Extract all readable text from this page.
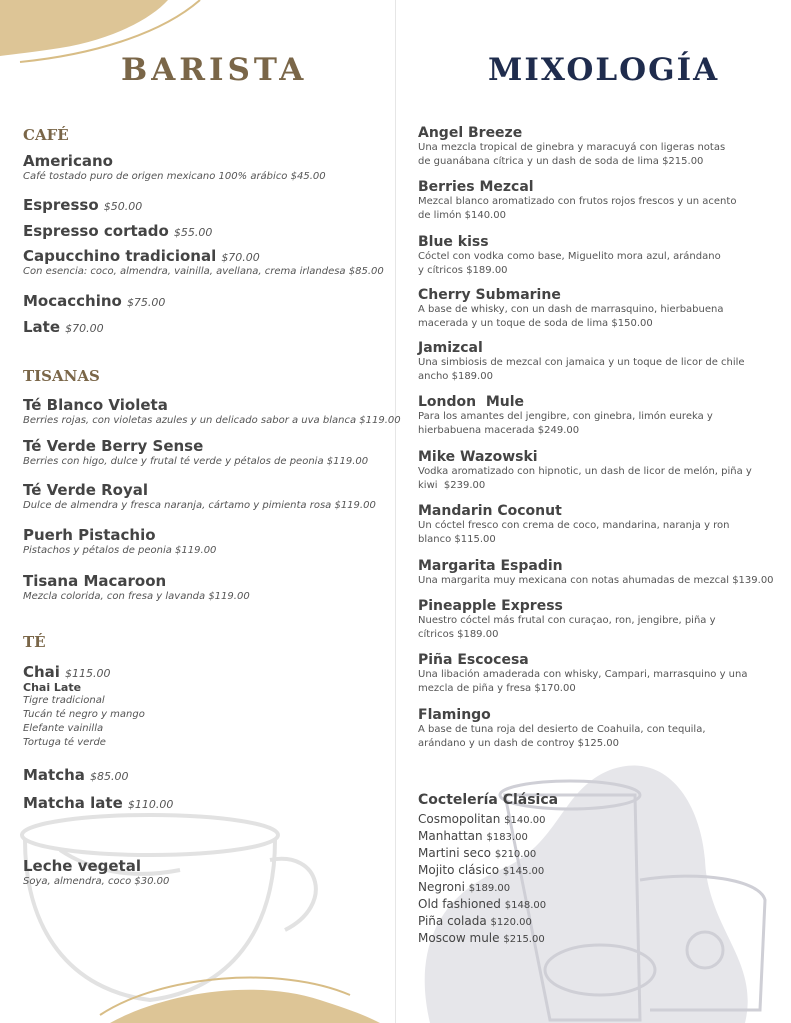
BARISTA	MIXOLOGÍA
CAFÉ
Americano
Café tostado puro de origen mexicano 100% arábico $45.00
Espresso $50.00
Espresso cortado $55.00
Capucchino tradicional $70.00
Con esencia: coco, almendra, vainilla, avellana, crema irlandesa $85.00
Mocacchino $75.00
Late $70.00
TISANAS
Té Blanco Violeta
Berries rojas, con violetas azules y un delicado sabor a uva blanca $119.00
Té Verde Berry Sense
Berries con higo, dulce y frutal té verde y pétalos de peonia $119.00
Té Verde Royal
Dulce de almendra y fresca naranja, cártamo y pimienta rosa $119.00
Puerh Pistachio
Pistachos y pétalos de peonia $119.00
Tisana Macaroon
Mezcla colorida, con fresa y lavanda $119.00
TÉ
Chai $115.00
Chai Late
Tigre tradicional
Tucán té negro y mango
Elefante vainilla
Tortuga té verde
Matcha $85.00
Matcha late $110.00
Leche vegetal
Soya, almendra, coco $30.00
Angel Breeze
Una mezcla tropical de ginebra y maracuyá con ligeras notas
de guanábana cítrica y un dash de soda de lima $215.00
Berries Mezcal
Mezcal blanco aromatizado con frutos rojos frescos y un acento
de limón $140.00
Blue kiss
Cóctel con vodka como base, Miguelito mora azul, arándano
y cítricos $189.00
Cherry Submarine
A base de whisky, con un dash de marrasquino, hierbabuena
macerada y un toque de soda de lima $150.00
Jamizcal
Una simbiosis de mezcal con jamaica y un toque de licor de chile
ancho $189.00
London  Mule
Para los amantes del jengibre, con ginebra, limón eureka y
hierbabuena macerada $249.00
Mike Wazowski
Vodka aromatizado con hipnotic, un dash de licor de melón, piña y
kiwi  $239.00
Mandarin Coconut
Un cóctel fresco con crema de coco, mandarina, naranja y ron
blanco $115.00
Margarita Espadin
Una margarita muy mexicana con notas ahumadas de mezcal $139.00
Pineapple Express
Nuestro cóctel más frutal con curaçao, ron, jengibre, piña y
cítricos $189.00
Piña Escocesa
Una libación amaderada con whisky, Campari, marrasquino y una
mezcla de piña y fresa $170.00
Flamingo
A base de tuna roja del desierto de Coahuila, con tequila,
arándano y un dash de controy $125.00
Coctelería Clásica
Cosmopolitan $140.00
Manhattan $183.00
Martini seco $210.00
Mojito clásico $145.00
Negroni $189.00
Old fashioned $148.00
Piña colada $120.00
Moscow mule $215.00
